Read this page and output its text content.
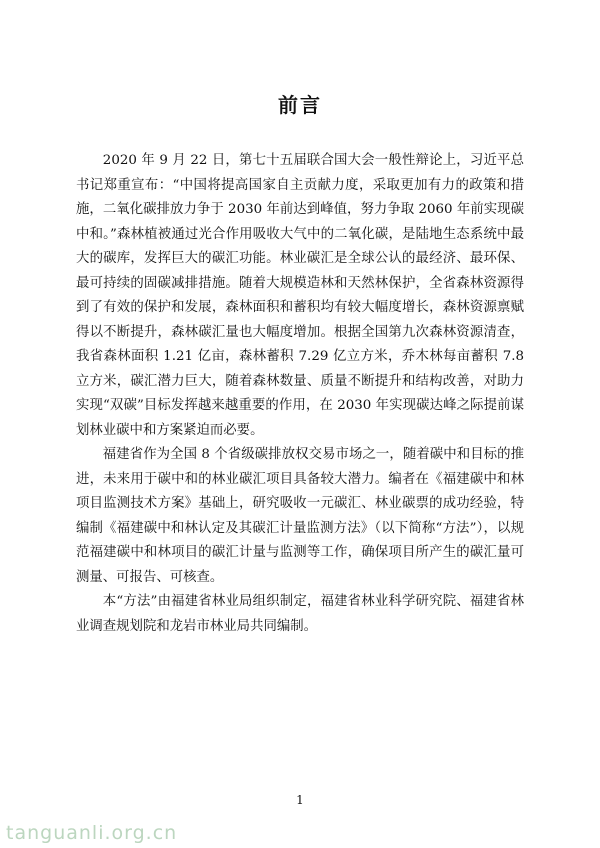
前言

2020 年 9 月 22 日，第七十五届联合国大会一般性辩论上，习近平总书记郑重宣布：“中国将提高国家自主贡献力度，采取更加有力的政策和措施，二氧化碳排放力争于 2030 年前达到峰值，努力争取 2060 年前实现碳中和。”森林植被通过光合作用吸收大气中的二氧化碳，是陆地生态系统中最大的碳库，发挥巨大的碳汇功能。林业碳汇是全球公认的最经济、最环保、最可持续的固碳减排措施。随着大规模造林和天然林保护，全省森林资源得到了有效的保护和发展，森林面积和蓄积均有较大幅度增长，森林资源禀赋得以不断提升，森林碳汇量也大幅度增加。根据全国第九次森林资源清查，我省森林面积 1.21 亿亩，森林蓄积 7.29 亿立方米，乔木林每亩蓄积 7.8 立方米，碳汇潜力巨大，随着森林数量、质量不断提升和结构改善，对助力实现“双碳”目标发挥越来越重要的作用，在 2030 年实现碳达峰之际提前谋划林业碳中和方案紧迫而必要。

福建省作为全国 8 个省级碳排放权交易市场之一，随着碳中和目标的推进，未来用于碳中和的林业碳汇项目具备较大潜力。编者在《福建碳中和林项目监测技术方案》基础上，研究吸收一元碳汇、林业碳票的成功经验，特编制《福建碳中和林认定及其碳汇计量监测方法》（以下简称“方法”），以规范福建碳中和林项目的碳汇计量与监测等工作，确保项目所产生的碳汇量可测量、可报告、可核查。

本“方法”由福建省林业局组织制定，福建省林业科学研究院、福建省林业调查规划院和龙岩市林业局共同编制。

1
tanguanli.org.cn
